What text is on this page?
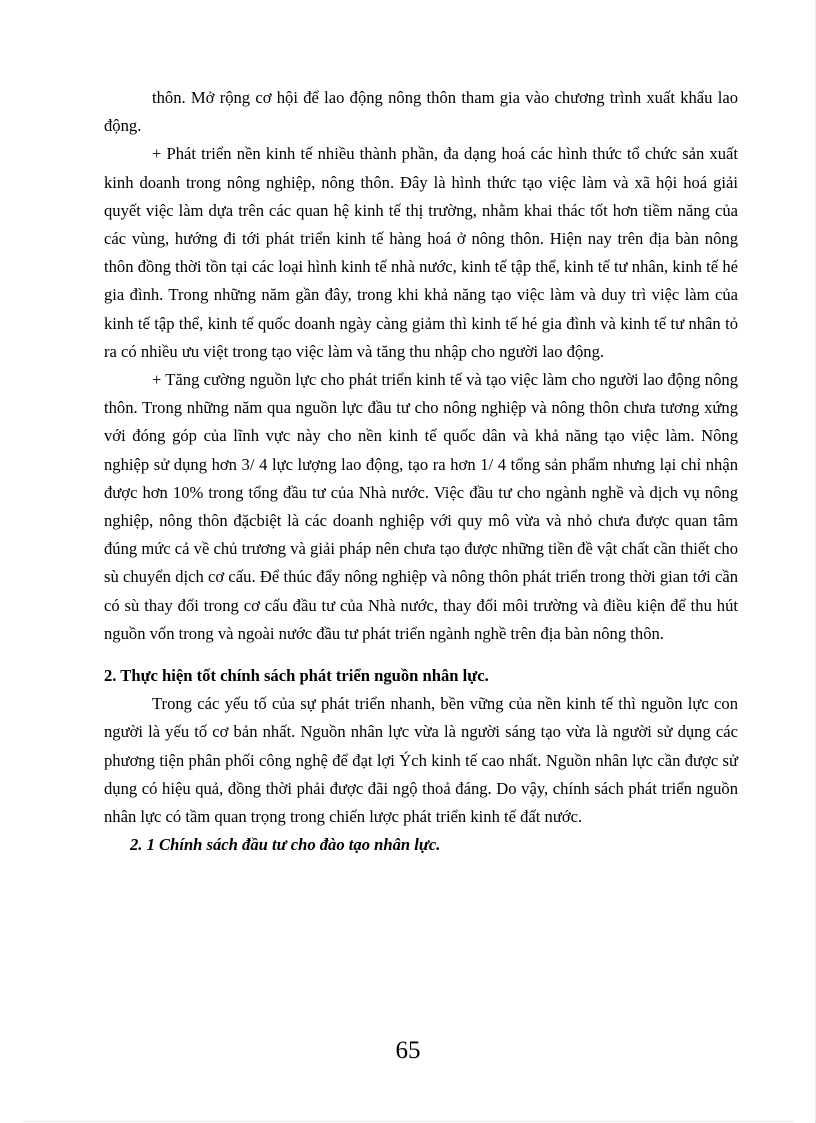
thôn. Mở rộng cơ hội để lao động nông thôn tham gia vào chương trình xuất khẩu lao động.

+ Phát triển nền kinh tế nhiều thành phần, đa dạng hoá các hình thức tổ chức sản xuất kinh doanh trong nông nghiệp, nông thôn. Đây là hình thức tạo việc làm và xã hội hoá giải quyết việc làm dựa trên các quan hệ kinh tế thị trường, nhằm khai thác tốt hơn tiềm năng của các vùng, hướng đi tới phát triển kinh tế hàng hoá ở nông thôn. Hiện nay trên địa bàn nông thôn đồng thời tồn tại các loại hình kinh tế nhà nước, kinh tế tập thể, kinh tế tư nhân, kinh tế hé gia đình. Trong những năm gần đây, trong khi khả năng tạo việc làm và duy trì việc làm của kinh tế tập thể, kinh tế quốc doanh ngày càng giảm thì kinh tế hé gia đình và kinh tế tư nhân tỏ ra có nhiều ưu việt trong tạo việc làm và tăng thu nhập cho người lao động.

+ Tăng cường nguồn lực cho phát triển kinh tế và tạo việc làm cho người lao động nông thôn. Trong những năm qua nguồn lực đầu tư cho nông nghiệp và nông thôn chưa tương xứng với đóng góp của lĩnh vực này cho nền kinh tế quốc dân và khả năng tạo việc làm. Nông nghiệp sử dụng hơn 3/ 4 lực lượng lao động, tạo ra hơn 1/ 4 tổng sản phẩm nhưng lại chỉ nhận được hơn 10% trong tổng đầu tư của Nhà nước. Việc đầu tư cho ngành nghề và dịch vụ nông nghiệp, nông thôn đặcbiệt là các doanh nghiệp với quy mô vừa và nhỏ chưa được quan tâm đúng mức cả về chủ trương và giải pháp nên chưa tạo được những tiền đề vật chất cần thiết cho sù chuyển dịch cơ cấu. Để thúc đẩy nông nghiệp và nông thôn phát triển trong thời gian tới cần có sù thay đổi trong cơ cấu đầu tư của Nhà nước, thay đổi môi trường và điều kiện để thu hút nguồn vốn trong và ngoài nước đầu tư phát triển ngành nghề trên địa bàn nông thôn.

2. Thực hiện tốt chính sách phát triển nguồn nhân lực.

Trong các yếu tố của sự phát triển nhanh, bền vững của nền kinh tế thì nguồn lực con người là yếu tố cơ bản nhất. Nguồn nhân lực vừa là người sáng tạo vừa là người sử dụng các phương tiện phân phối công nghệ để đạt lợi Ých kinh tế cao nhất. Nguồn nhân lực cần được sử dụng có hiệu quả, đồng thời phải được đãi ngộ thoả đáng. Do vậy, chính sách phát triển nguồn nhân lực có tầm quan trọng trong chiến lược phát triển kinh tế đất nước.

2. 1 Chính sách đầu tư cho đào tạo nhân lực.
65
